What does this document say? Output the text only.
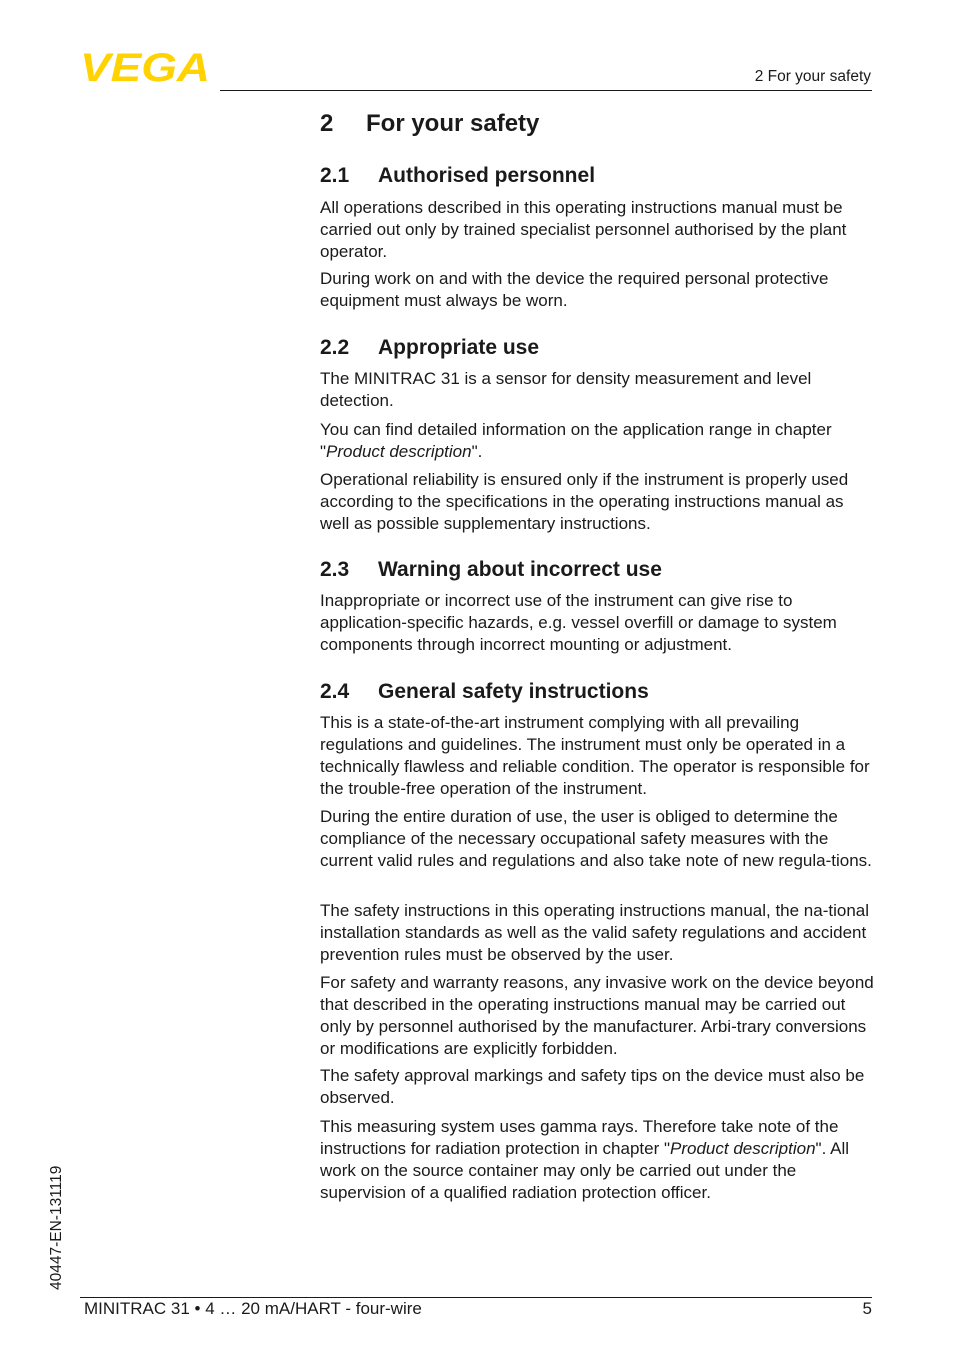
VEGA	2 For your safety
2 For your safety
2.1 Authorised personnel

All operations described in this operating instructions manual must be carried out only by trained specialist personnel authorised by the plant operator.

During work on and with the device the required personal protective equipment must always be worn.

2.2 Appropriate use

The MINITRAC 31 is a sensor for density measurement and level detection.

You can find detailed information on the application range in chapter "Product description".

Operational reliability is ensured only if the instrument is properly used according to the specifications in the operating instructions manual as well as possible supplementary instructions.

2.3 Warning about incorrect use

Inappropriate or incorrect use of the instrument can give rise to application-specific hazards, e.g. vessel overfill or damage to system components through incorrect mounting or adjustment.

2.4 General safety instructions

This is a state-of-the-art instrument complying with all prevailing regulations and guidelines. The instrument must only be operated in a technically flawless and reliable condition. The operator is responsible for the trouble-free operation of the instrument.

During the entire duration of use, the user is obliged to determine the compliance of the necessary occupational safety measures with the current valid rules and regulations and also take note of new regula-tions.

The safety instructions in this operating instructions manual, the na-tional installation standards as well as the valid safety regulations and accident prevention rules must be observed by the user.

For safety and warranty reasons, any invasive work on the device beyond that described in the operating instructions manual may be carried out only by personnel authorised by the manufacturer. Arbi-trary conversions or modifications are explicitly forbidden.

The safety approval markings and safety tips on the device must also be observed.

This measuring system uses gamma rays. Therefore take note of the instructions for radiation protection in chapter "Product description". All work on the source container may only be carried out under the supervision of a qualified radiation protection officer.

40447-EN-131119
MINITRAC 31 • 4 … 20 mA/HART - four-wire	5
